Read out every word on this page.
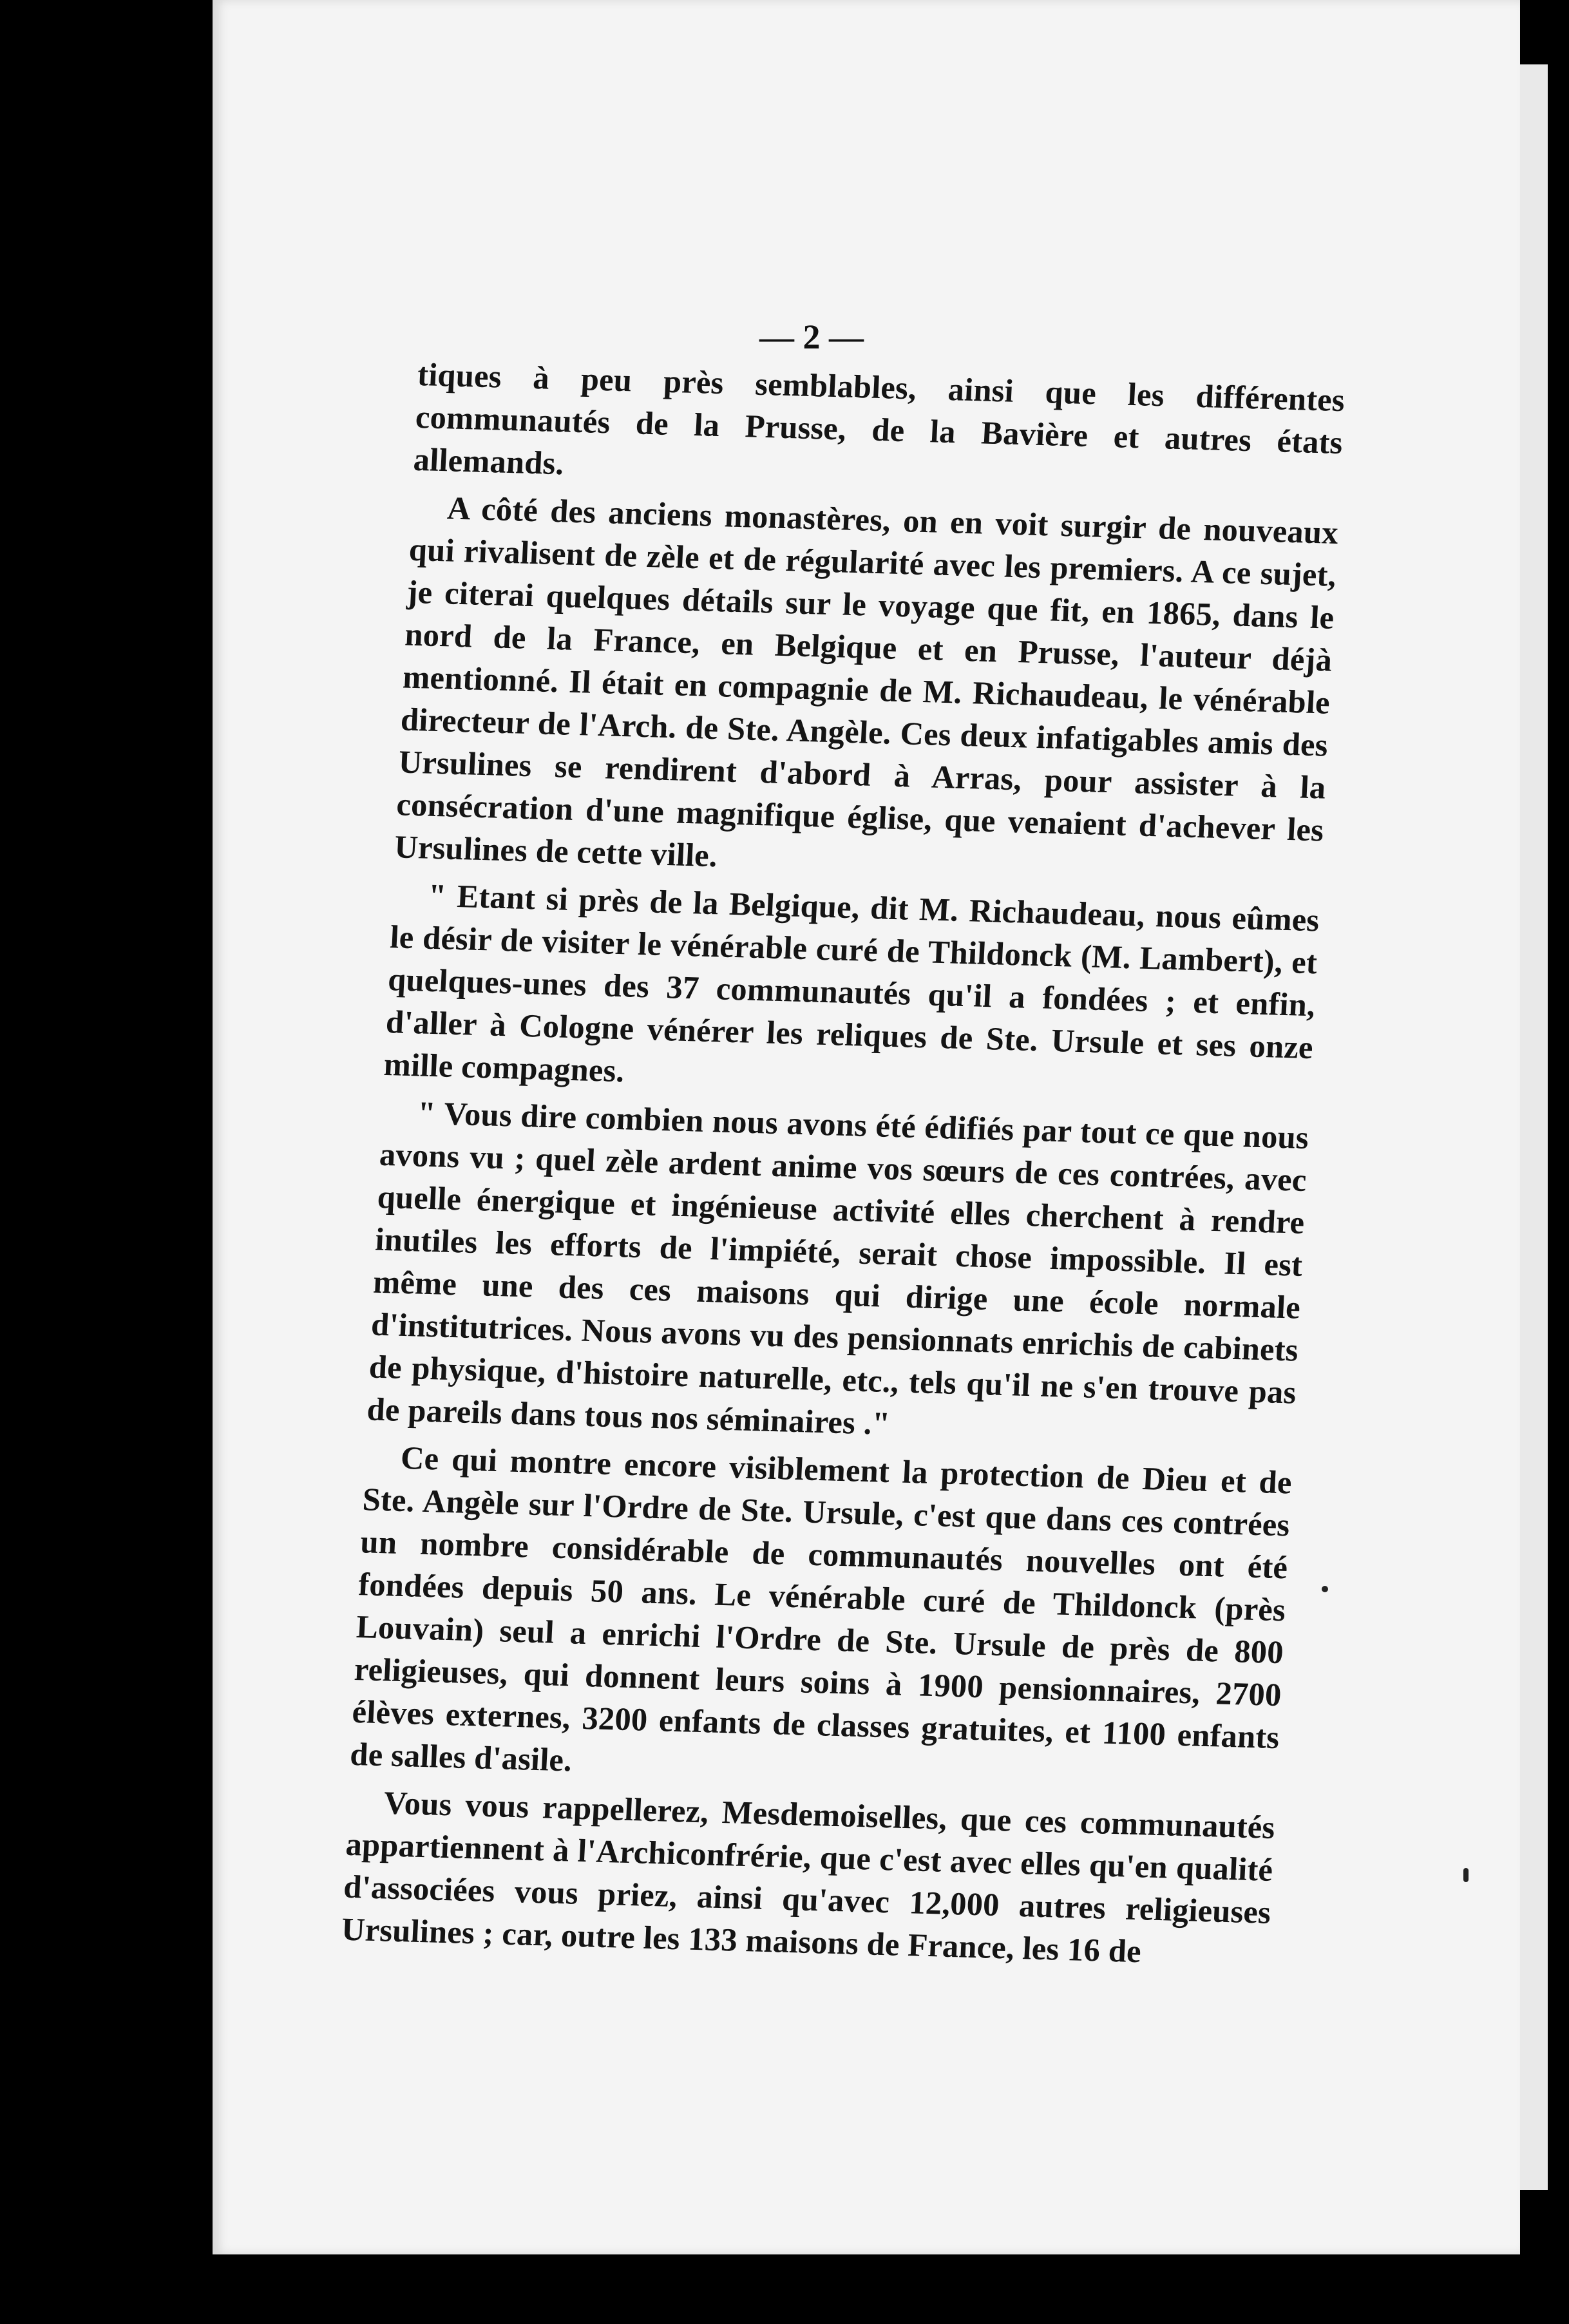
— 2 —

tiques à peu près semblables, ainsi que les différentes communautés de la Prusse, de la Bavière et autres états allemands.

A côté des anciens monastères, on en voit surgir de nouveaux qui rivalisent de zèle et de régularité avec les premiers. A ce sujet, je citerai quelques détails sur le voyage que fit, en 1865, dans le nord de la France, en Belgique et en Prusse, l'auteur déjà mentionné. Il était en compagnie de M. Richaudeau, le vénérable directeur de l'Arch. de Ste. Angèle. Ces deux infatigables amis des Ursulines se rendirent d'abord à Arras, pour assister à la consécration d'une magnifique église, que venaient d'achever les Ursulines de cette ville.

" Etant si près de la Belgique, dit M. Richaudeau, nous eûmes le désir de visiter le vénérable curé de Thildonck (M. Lambert), et quelques-unes des 37 communautés qu'il a fondées ; et enfin, d'aller à Cologne vénérer les reliques de Ste. Ursule et ses onze mille compagnes.

" Vous dire combien nous avons été édifiés par tout ce que nous avons vu ; quel zèle ardent anime vos sœurs de ces contrées, avec quelle énergique et ingénieuse activité elles cherchent à rendre inutiles les efforts de l'impiété, serait chose impossible. Il est même une des ces maisons qui dirige une école normale d'institutrices. Nous avons vu des pensionnats enrichis de cabinets de physique, d'histoire naturelle, etc., tels qu'il ne s'en trouve pas de pareils dans tous nos séminaires ."

Ce qui montre encore visiblement la protection de Dieu et de Ste. Angèle sur l'Ordre de Ste. Ursule, c'est que dans ces contrées un nombre considérable de communautés nouvelles ont été fondées depuis 50 ans. Le vénérable curé de Thildonck (près Louvain) seul a enrichi l'Ordre de Ste. Ursule de près de 800 religieuses, qui donnent leurs soins à 1900 pensionnaires, 2700 élèves externes, 3200 enfants de classes gratuites, et 1100 enfants de salles d'asile.

Vous vous rappellerez, Mesdemoiselles, que ces communautés appartiennent à l'Archiconfrérie, que c'est avec elles qu'en qualité d'associées vous priez, ainsi qu'avec 12,000 autres religieuses Ursulines ; car, outre les 133 maisons de France, les 16 de
